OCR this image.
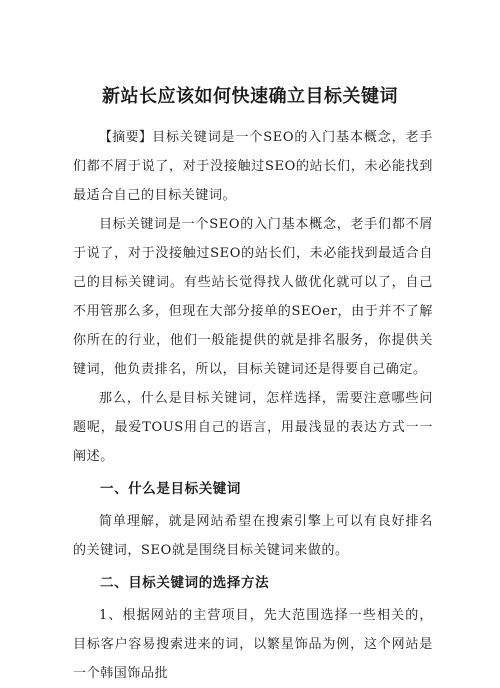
新站长应该如何快速确立目标关键词

【摘要】目标关键词是一个SEO的入门基本概念，老手们都不屑于说了，对于没接触过SEO的站长们，未必能找到最适合自己的目标关键词。

目标关键词是一个SEO的入门基本概念，老手们都不屑于说了，对于没接触过SEO的站长们，未必能找到最适合自己的目标关键词。有些站长觉得找人做优化就可以了，自己不用管那么多，但现在大部分接单的SEOer，由于并不了解你所在的行业，他们一般能提供的就是排名服务，你提供关键词，他负责排名，所以，目标关键词还是得要自己确定。

那么，什么是目标关键词，怎样选择，需要注意哪些问题呢，最爱TOUS用自己的语言，用最浅显的表达方式一一阐述。

一、什么是目标关键词

简单理解，就是网站希望在搜索引擎上可以有良好排名的关键词，SEO就是围绕目标关键词来做的。

二、目标关键词的选择方法

1、根据网站的主营项目，先大范围选择一些相关的，目标客户容易搜索进来的词，以繁星饰品为例，这个网站是一个韩国饰品批
